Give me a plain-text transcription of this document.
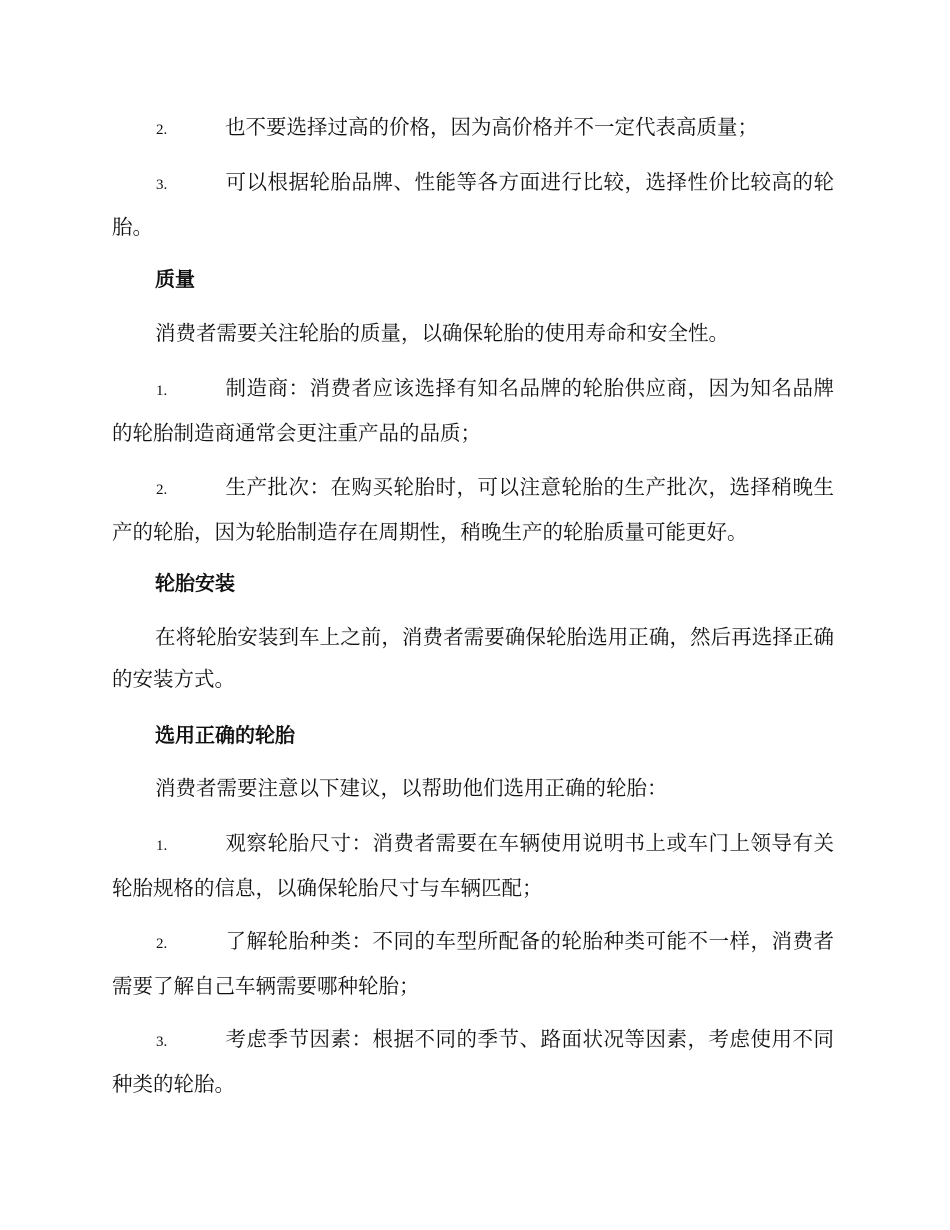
2.	也不要选择过高的价格，因为高价格并不一定代表高质量；

3.	可以根据轮胎品牌、性能等各方面进行比较，选择性价比较高的轮胎。

质量

消费者需要关注轮胎的质量，以确保轮胎的使用寿命和安全性。

1.	制造商：消费者应该选择有知名品牌的轮胎供应商，因为知名品牌的轮胎制造商通常会更注重产品的品质；

2.	生产批次：在购买轮胎时，可以注意轮胎的生产批次，选择稍晚生产的轮胎，因为轮胎制造存在周期性，稍晚生产的轮胎质量可能更好。

轮胎安装

在将轮胎安装到车上之前，消费者需要确保轮胎选用正确，然后再选择正确的安装方式。

选用正确的轮胎

消费者需要注意以下建议，以帮助他们选用正确的轮胎：

1.	观察轮胎尺寸：消费者需要在车辆使用说明书上或车门上领导有关轮胎规格的信息，以确保轮胎尺寸与车辆匹配；

2.	了解轮胎种类：不同的车型所配备的轮胎种类可能不一样，消费者需要了解自己车辆需要哪种轮胎；

3.	考虑季节因素：根据不同的季节、路面状况等因素，考虑使用不同种类的轮胎。
